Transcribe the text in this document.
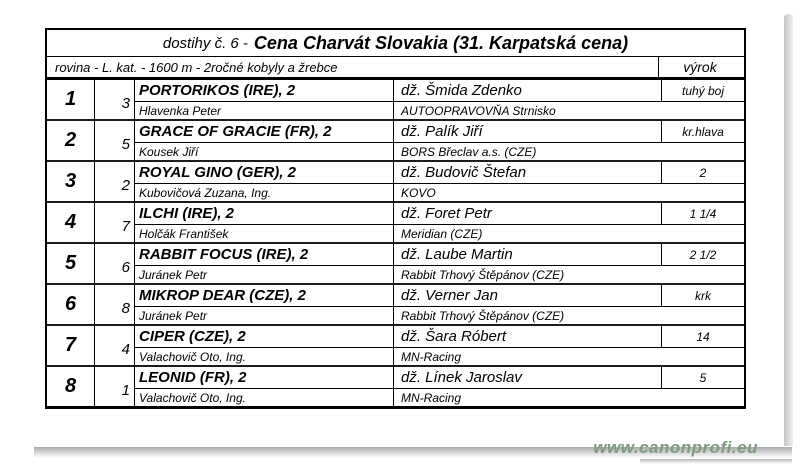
dostihy č. 6 - Cena Charvát Slovakia (31. Karpatská cena)
rovina - L. kat. - 1600 m - 2ročné kobyly a žrebce	výrok
1	3
PORTORIKOS (IRE), 2	dž. Šmida Zdenko	tuhý boj
Hlavenka Peter	AUTOOPRAVOVŇA Strnisko
2	5
GRACE OF GRACIE (FR), 2	dž. Palík Jiří	kr.hlava
Kousek Jiří	BORS Břeclav a.s. (CZE)
3	2
ROYAL GINO (GER), 2	dž. Budovič Štefan	2
Kubovičová Zuzana, Ing.	KOVO
4	7
ILCHI (IRE), 2	dž. Foret Petr	1 1/4
Holčák František	Meridian (CZE)
5	6
RABBIT FOCUS (IRE), 2	dž. Laube Martin	2 1/2
Juránek Petr	Rabbit Trhový Štěpánov (CZE)
6	8
MIKROP DEAR (CZE), 2	dž. Verner Jan	krk
Juránek Petr	Rabbit Trhový Štěpánov (CZE)
7	4
CIPER (CZE), 2	dž. Šara Róbert	14
Valachovič Oto, Ing.	MN-Racing
8	1
LEONID (FR), 2	dž. Línek Jaroslav	5
Valachovič Oto, Ing.	MN-Racing
www.canonprofi.eu
